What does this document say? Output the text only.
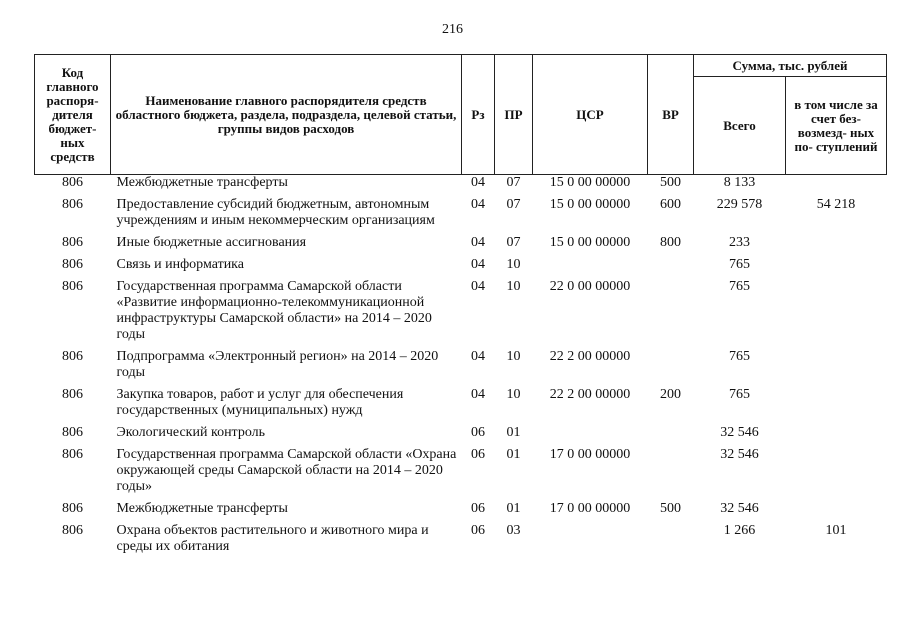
216
Код главного распоря- дителя бюджет- ных средств	Наименование главного распорядителя средств областного бюджета, раздела, подраздела, целевой статьи, группы видов расходов	Рз	ПР	ЦСР	ВР	Сумма, тыс. рублей	
						Всего	в том числе за счет без- возмезд- ных по- ступлений
806	Межбюджетные трансферты	04	07	15 0 00 00000	500	8 133	
806	Предоставление субсидий бюджетным, автономным учреждениям и иным некоммерческим организациям	04	07	15 0 00 00000	600	229 578	54 218
806	Иные бюджетные ассигнования	04	07	15 0 00 00000	800	233	
806	Связь и информатика	04	10			765	
806	Государственная программа Самарской области «Развитие информационно-телекоммуникационной инфраструктуры Самарской области» на 2014 – 2020 годы	04	10	22 0 00 00000		765	
806	Подпрограмма «Электронный регион» на 2014 – 2020 годы	04	10	22 2 00 00000		765	
806	Закупка товаров, работ и услуг для обеспечения государственных (муниципальных) нужд	04	10	22 2 00 00000	200	765	
806	Экологический контроль	06	01			32 546	
806	Государственная программа Самарской области «Охрана окружающей среды Самарской области на 2014 – 2020 годы»	06	01	17 0 00 00000		32 546	
806	Межбюджетные трансферты	06	01	17 0 00 00000	500	32 546	
806	Охрана объектов растительного и животного мира и среды их обитания	06	03			1 266	101
